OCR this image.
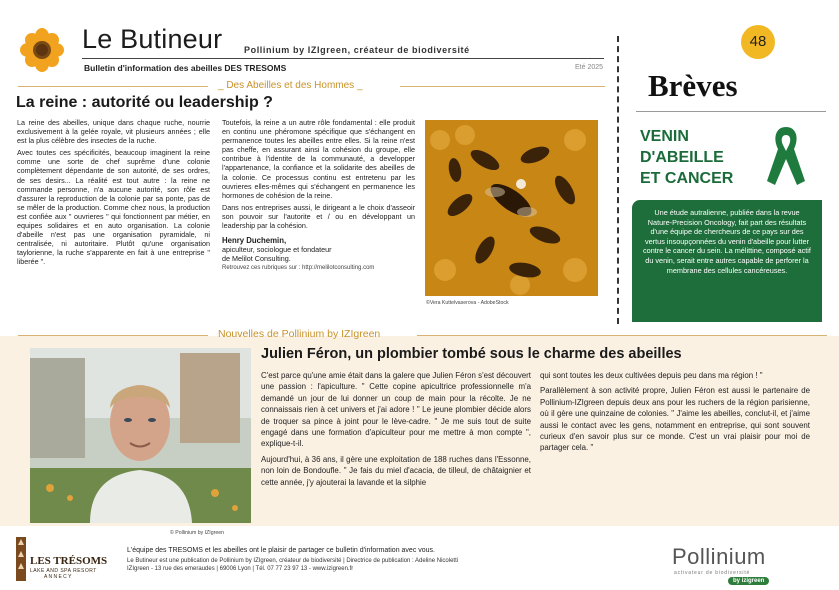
Le Butineur Pollinium by IZIgreen, créateur de biodiversité
Bulletin d'information des abeilles DES TRESOMS	Eté 2025
_ Des Abeilles et des Hommes _
La reine : autorité ou leadership ?

La reine des abeilles, unique dans chaque ruche, nourrie exclusivement à la gelée royale, vit plusieurs années ; elle est la plus célèbre des insectes de la ruche.

Avec toutes ces spécificités, beaucoup imaginent la reine comme une sorte de chef suprême d'une colonie complètement dépendante de son autorité, de ses ordres, de ses desirs... La réalité est tout autre : la reine ne commande personne, n'a aucune autorité, son rôle est d'assurer la reproduction de la colonie par sa ponte, pas de se mêler de la production. Comme chez nous, la production est confiée aux " ouvrieres " qui fonctionnent par métier, en equipes solidaires et en auto organisation. La colonie d'abeille n'est pas une organisation pyramidale, ni centralisée, ni autoritaire. Plutôt qu'une organisation taylorienne, la ruche s'apparente en fait à une entreprise " liberée ".

Toutefois, la reine a un autre rôle fondamental : elle produit en continu une phéromone spécifique que s'échangent en permanence toutes les abeilles entre elles. Si la reine n'est pas cheffe, en assurant ainsi la cohésion du groupe, elle contribue à l'identite de la communauté, a developper l'appartenance, la confiance et la solidarite des abeilles de la colonie. Ce processus continu est entretenu par les ouvrieres elles-mêmes qui s'échangent en permanence les hormones de cohésion de la reine.

Dans nos entreprises aussi, le dirigeant a le choix d'asseoir son pouvoir sur l'autorite et / ou en développant un leadership par la cohésion.

Henry Duchemin,
apiculteur, sociologue et fondateur
de Melilot Consulting.
Retrouvez ces rubriques sur : http://melilotconsulting.com
©Vera Kuttelvaserova - AdobeStock
48
Brèves
VENIN
D'ABEILLE
ET CANCER
Une étude autralienne, publiée dans la revue Nature-Precision Oncology, fait part des résultats d'une équipe de chercheurs de ce pays sur des vertus insoupçonnées du venin d'abeille pour lutter contre le cancer du sein. La mélittine, composé actif du venin, serait entre autres capable de perforer la membrane des cellules cancéreuses.
Nouvelles de Pollinium by IZIgreen
© Pollinium by IZIgreen
Julien Féron, un plombier tombé sous le charme des abeilles

C'est parce qu'une amie était dans la galere que Julien Féron s'est découvert une passion : l'apiculture. " Cette copine apicultrice professionnelle m'a demandé un jour de lui donner un coup de main pour la récolte. Je ne connaissais rien à cet univers et j'ai adore ! " Le jeune plombier décide alors de troquer sa pince à joint pour le lève-cadre. " Je me suis tout de suite engagé dans une formation d'apiculteur pour me mettre à mon compte ", explique-t-il.

Aujourd'hui, à 36 ans, il gère une exploitation de 188 ruches dans l'Essonne, non loin de Bondoufle. " Je fais du miel d'acacia, de tilleul, de châtaignier et cette année, j'y ajouterai la lavande et la silphie

qui sont toutes les deux cultivées depuis peu dans ma région ! "

Parallèlement à son activité propre, Julien Féron est aussi le partenaire de Pollinium-IZIgreen depuis deux ans pour les ruchers de la région parisienne, où il gère une quinzaine de colonies. " J'aime les abeilles, conclut-il, et j'aime aussi le contact avec les gens, notamment en entreprise, qui sont souvent curieux d'en savoir plus sur ce monde. C'est un vrai plaisir pour moi de partager cela. "

LES TRÉSOMS
LAKE AND SPA RESORT
A N N E C Y
L'équipe des TRESOMS et les abeilles ont le plaisir de partager ce bulletin d'information avec vous.
Le Butineur est une publication de Pollinium by IZIgreen, créateur de biodiversité | Directrice de publication : Adeline Nicoletti
IZIgreen - 13 rue des emeraudes | 69006 Lyon | Tél. 07 77 23 97 13 - www.izigreen.fr	Pollinium
activateur de biodiversité
by izigreen
